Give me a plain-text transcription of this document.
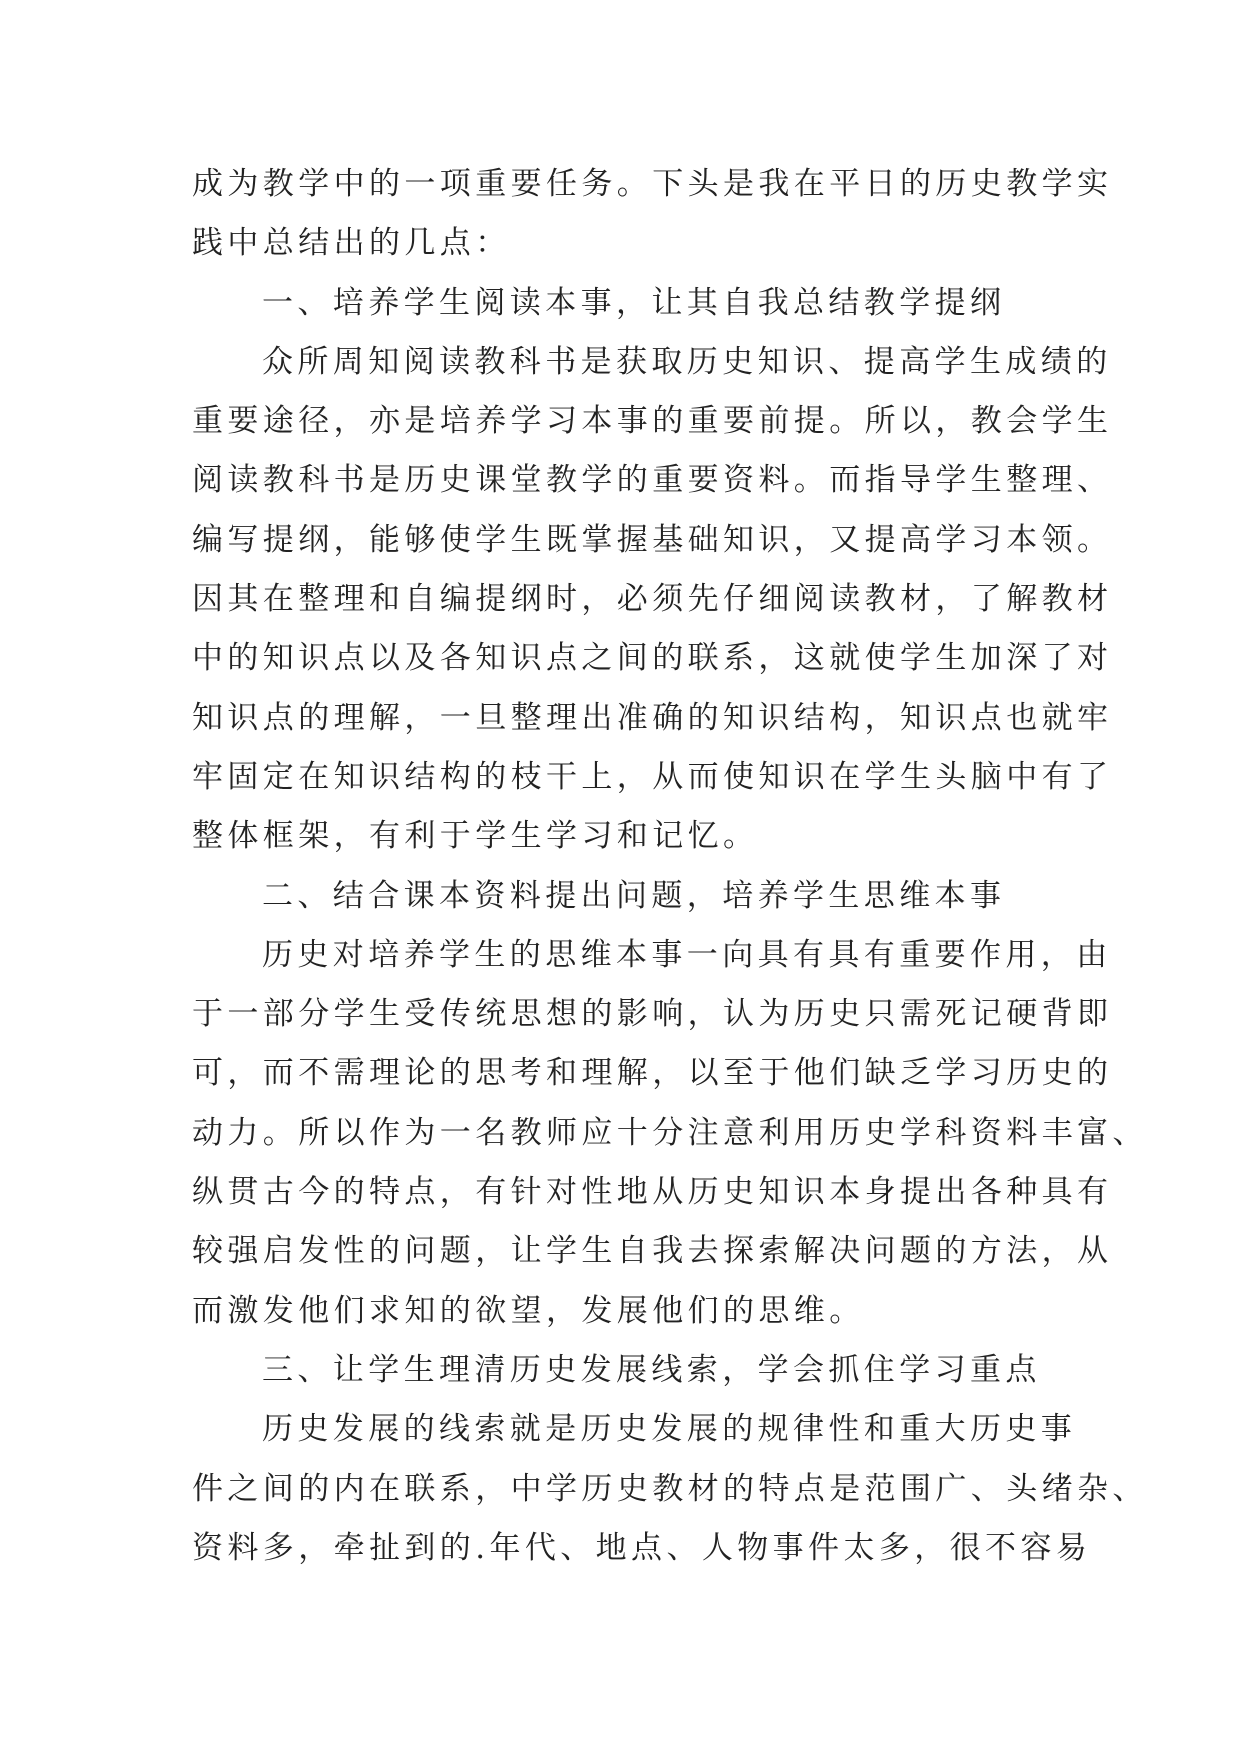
成为教学中的一项重要任务。下头是我在平日的历史教学实
践中总结出的几点：
一、培养学生阅读本事，让其自我总结教学提纲
众所周知阅读教科书是获取历史知识、提高学生成绩的
重要途径，亦是培养学习本事的重要前提。所以，教会学生
阅读教科书是历史课堂教学的重要资料。而指导学生整理、
编写提纲，能够使学生既掌握基础知识，又提高学习本领。
因其在整理和自编提纲时，必须先仔细阅读教材，了解教材
中的知识点以及各知识点之间的联系，这就使学生加深了对
知识点的理解，一旦整理出准确的知识结构，知识点也就牢
牢固定在知识结构的枝干上，从而使知识在学生头脑中有了
整体框架，有利于学生学习和记忆。
二、结合课本资料提出问题，培养学生思维本事
历史对培养学生的思维本事一向具有具有重要作用，由
于一部分学生受传统思想的影响，认为历史只需死记硬背即
可，而不需理论的思考和理解，以至于他们缺乏学习历史的
动力。所以作为一名教师应十分注意利用历史学科资料丰富、
纵贯古今的特点，有针对性地从历史知识本身提出各种具有
较强启发性的问题，让学生自我去探索解决问题的方法，从
而激发他们求知的欲望，发展他们的思维。
三、让学生理清历史发展线索，学会抓住学习重点
历史发展的线索就是历史发展的规律性和重大历史事
件之间的内在联系，中学历史教材的特点是范围广、头绪杂、
资料多，牵扯到的.年代、地点、人物事件太多，很不容易
